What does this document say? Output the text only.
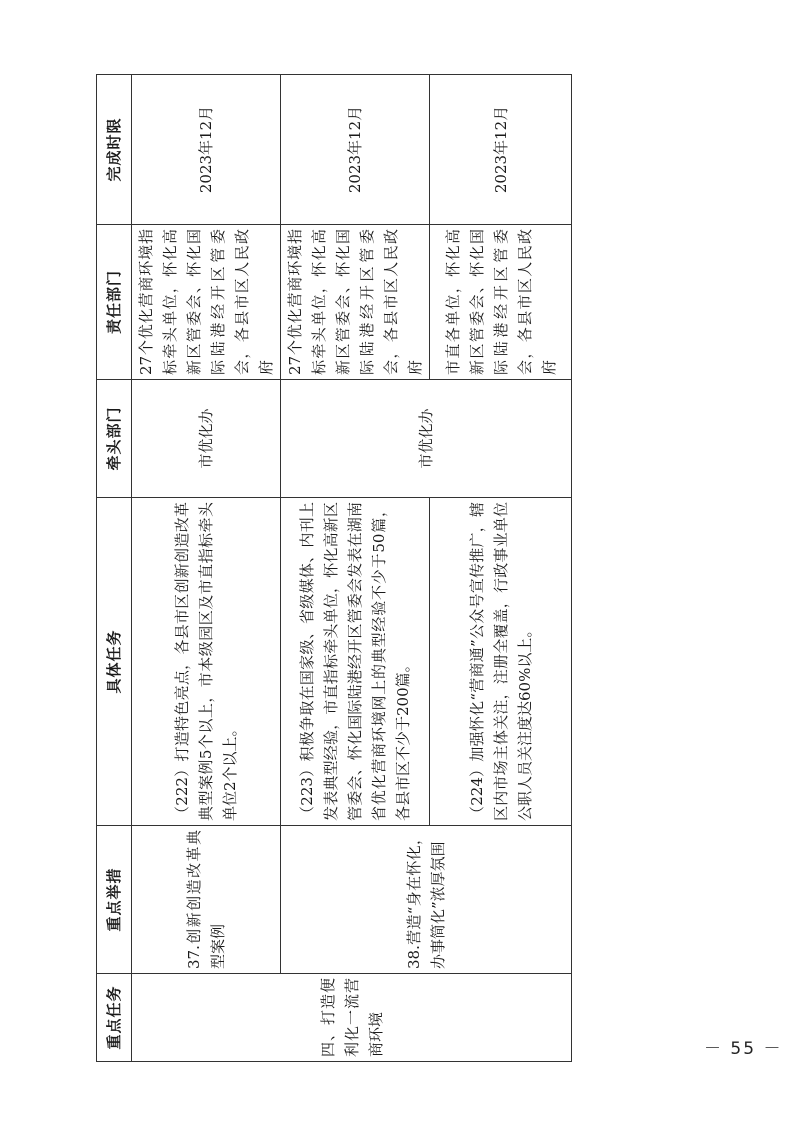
重点任务	重点举措	具体任务	牵头部门	责任部门	完成时限
四、打造便利化一流营商环境	37.创新创造改革典型案例	（222）打造特色亮点，各县市区创新创造改革典型案例5个以上，市本级园区及市直指标牵头单位2个以上。	市优化办	27个优化营商环境指标牵头单位，怀化高新区管委会、怀化国际陆港经开区管委会，各县市区人民政府	2023年12月
	38.营造“身在怀化，办事简化”浓厚氛围	（223）积极争取在国家级、省级媒体、内刊上发表典型经验，市直指标牵头单位，怀化高新区管委会、怀化国际陆港经开区管委会发表在湖南省优化营商环境网上的典型经验不少于50篇，各县市区不少于200篇。	市优化办	27个优化营商环境指标牵头单位，怀化高新区管委会、怀化国际陆港经开区管委会，各县市区人民政府	2023年12月
		（224）加强怀化“营商通”公众号宣传推广，辖区内市场主体关注，注册全覆盖，行政事业单位公职人员关注度达60%以上。		市直各单位，怀化高新区管委会、怀化国际陆港经开区管委会，各县市区人民政府	2023年12月
－ 55 －
